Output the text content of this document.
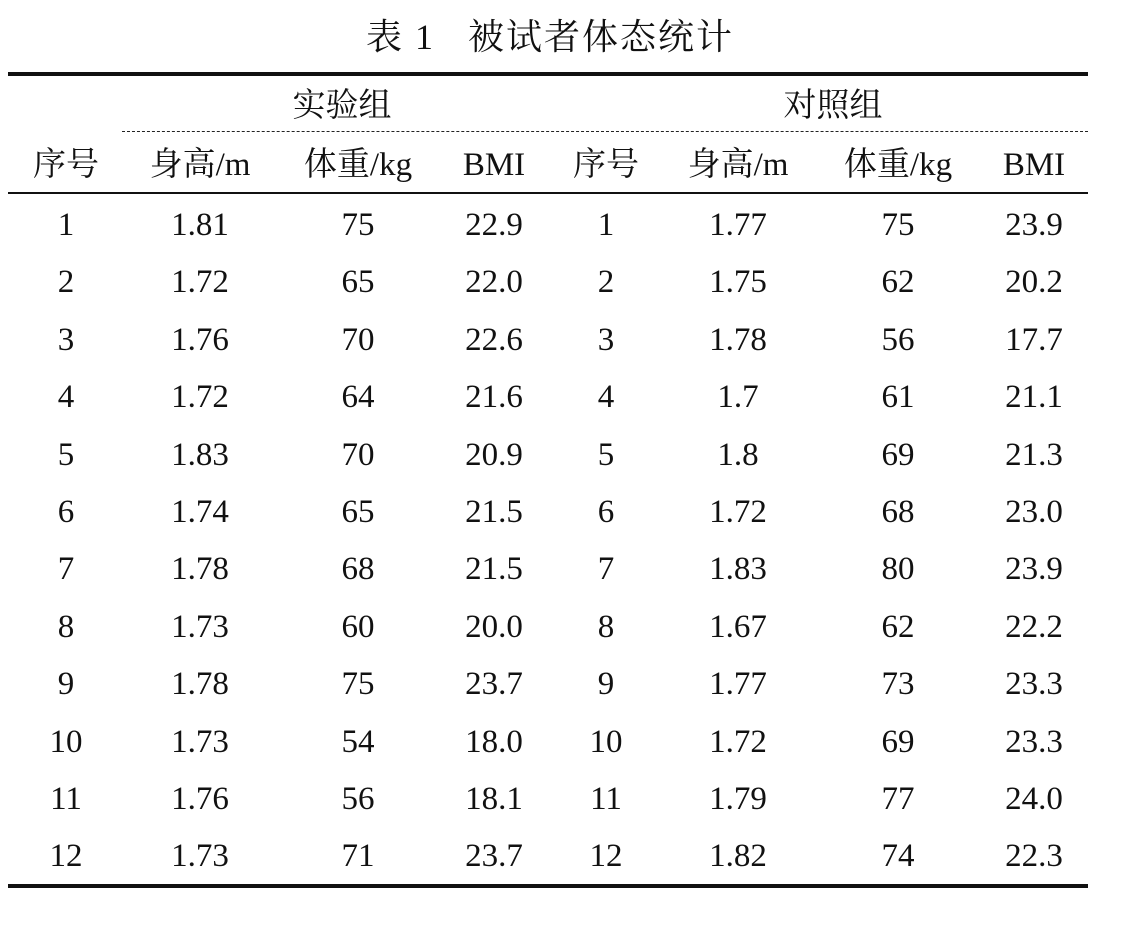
表 1   被试者体态统计
实验组	对照组
序号	身高/m	体重/kg	BMI	序号	身高/m	体重/kg	BMI
1	1.81	75	22.9	1	1.77	75	23.9
2	1.72	65	22.0	2	1.75	62	20.2
3	1.76	70	22.6	3	1.78	56	17.7
4	1.72	64	21.6	4	1.7	61	21.1
5	1.83	70	20.9	5	1.8	69	21.3
6	1.74	65	21.5	6	1.72	68	23.0
7	1.78	68	21.5	7	1.83	80	23.9
8	1.73	60	20.0	8	1.67	62	22.2
9	1.78	75	23.7	9	1.77	73	23.3
10	1.73	54	18.0	10	1.72	69	23.3
11	1.76	56	18.1	11	1.79	77	24.0
12	1.73	71	23.7	12	1.82	74	22.3
